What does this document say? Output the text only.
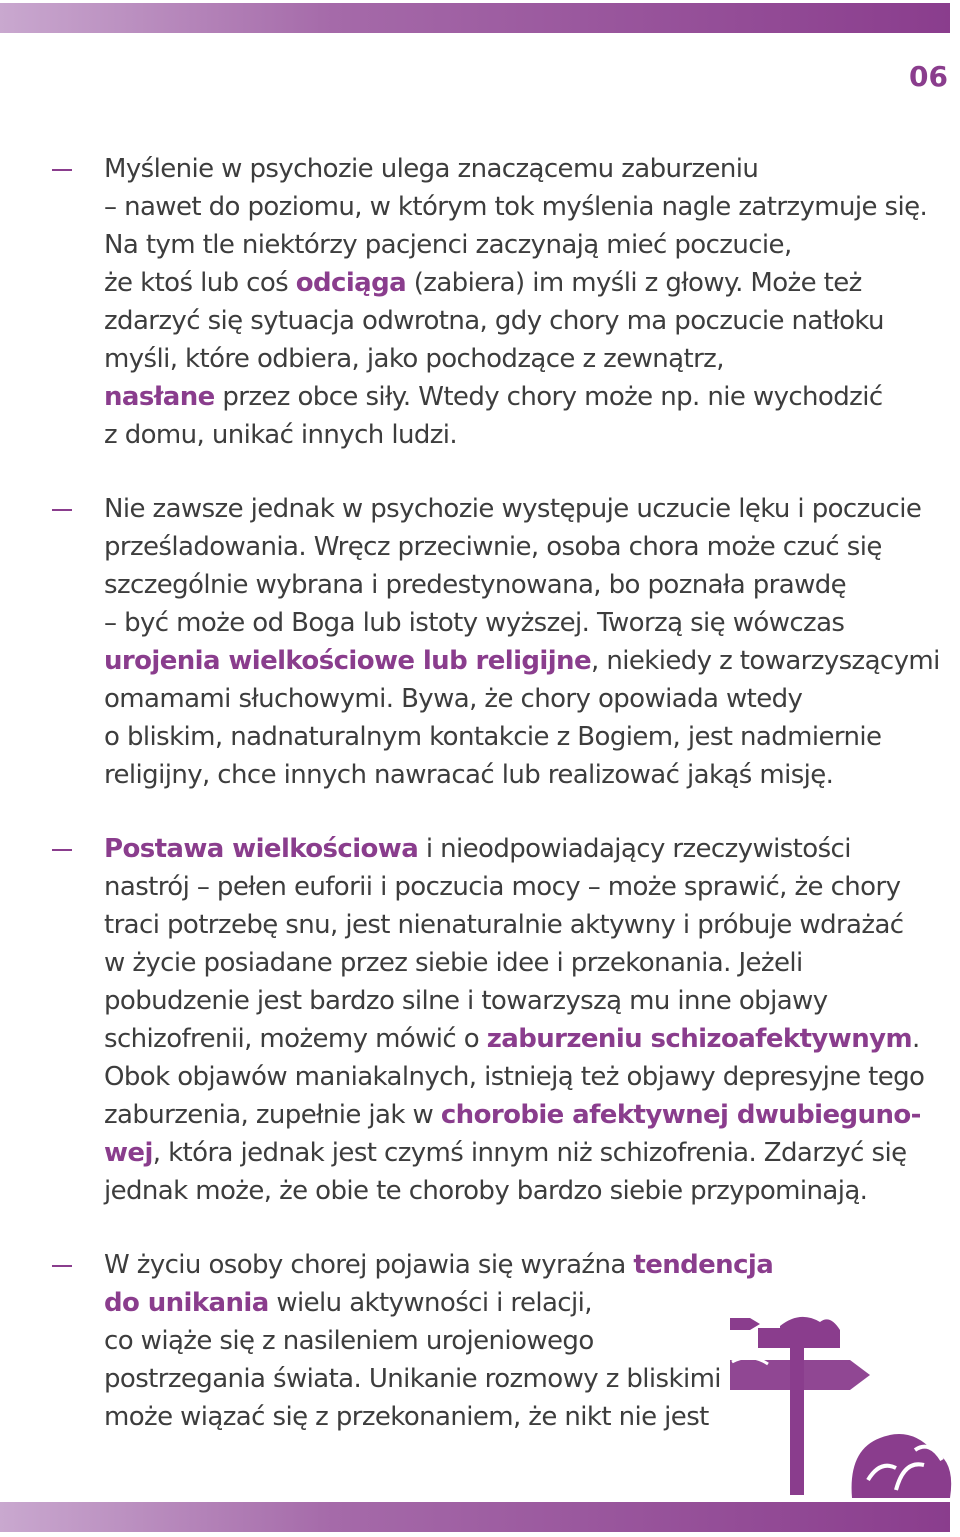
06
Myślenie w psychozie ulega znaczącemu zaburzeniu
– nawet do poziomu, w którym tok myślenia nagle zatrzymuje się.
Na tym tle niektórzy pacjenci zaczynają mieć poczucie,
że ktoś lub coś odciąga (zabiera) im myśli z głowy. Może też
zdarzyć się sytuacja odwrotna, gdy chory ma poczucie natłoku
myśli, które odbiera, jako pochodzące z zewnątrz,
nasłane przez obce siły. Wtedy chory może np. nie wychodzić
z domu, unikać innych ludzi.
Nie zawsze jednak w psychozie występuje uczucie lęku i poczucie
prześladowania. Wręcz przeciwnie, osoba chora może czuć się
szczególnie wybrana i predestynowana, bo poznała prawdę
– być może od Boga lub istoty wyższej. Tworzą się wówczas
urojenia wielkościowe lub religijne, niekiedy z towarzyszącymi
omamami słuchowymi. Bywa, że chory opowiada wtedy
o bliskim, nadnaturalnym kontakcie z Bogiem, jest nadmiernie
religijny, chce innych nawracać lub realizować jakąś misję.
Postawa wielkościowa i nieodpowiadający rzeczywistości
nastrój – pełen euforii i poczucia mocy – może sprawić, że chory
traci potrzebę snu, jest nienaturalnie aktywny i próbuje wdrażać
w życie posiadane przez siebie idee i przekonania. Jeżeli
pobudzenie jest bardzo silne i towarzyszą mu inne objawy
schizofrenii, możemy mówić o zaburzeniu schizoafektywnym.
Obok objawów maniakalnych, istnieją też objawy depresyjne tego
zaburzenia, zupełnie jak w chorobie afektywnej dwubieguno-
wej, która jednak jest czymś innym niż schizofrenia. Zdarzyć się
jednak może, że obie te choroby bardzo siebie przypominają.
W życiu osoby chorej pojawia się wyraźna tendencja
do unikania wielu aktywności i relacji,
co wiąże się z nasileniem urojeniowego
postrzegania świata. Unikanie rozmowy z bliskimi
może wiązać się z przekonaniem, że nikt nie jest
